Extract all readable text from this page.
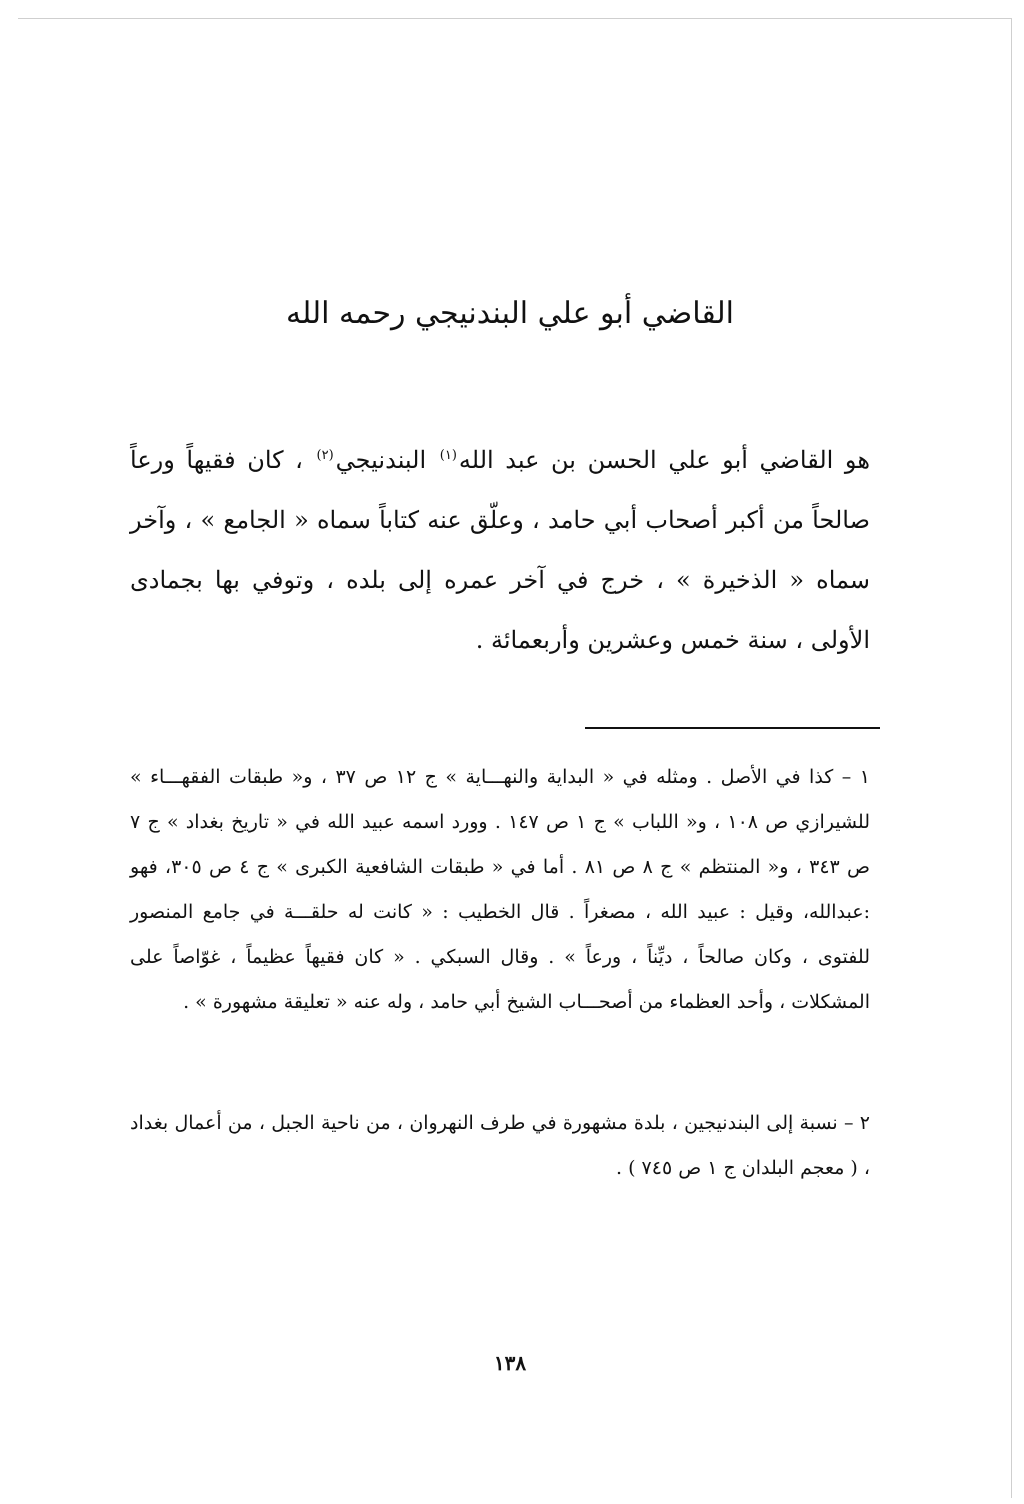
القاضي أبو علي البندنيجي رحمه الله

هو القاضي أبو علي الحسن بن عبد الله$^{(١)}$ البندنيجي$^{(٢)}$ ، كان فقيهاً ورعاً صالحاً من أكبر أصحاب أبي حامد ، وعلّق عنه كتاباً سماه « الجامع » ، وآخر سماه « الذخيرة » ، خرج في آخر عمره إلى بلده ، وتوفي بها بجمادى الأولى ، سنة خمس وعشرين وأربعمائة .

١ – كذا في الأصل . ومثله في « البداية والنهـــاية » ج ١٢ ص ٣٧ ، و« طبقات الفقهـــاء » للشيرازي ص ١٠٨ ، و« اللباب » ج ١ ص ١٤٧ . وورد اسمه عبيد الله في « تاريخ بغداد » ج ٧ ص ٣٤٣ ، و« المنتظم » ج ٨ ص ٨١ . أما في « طبقات الشافعية الكبرى » ج ٤ ص ٣٠٥، فهو :عبدالله، وقيل : عبيد الله ، مصغراً . قال الخطيب : « كانت له حلقـــة في جامع المنصور للفتوى ، وكان صالحاً ، ديِّناً ، ورعاً » . وقال السبكي . « كان فقيهاً عظيماً ، غوّاصاً على المشكلات ، وأحد العظماء من أصحـــاب الشيخ أبي حامد ، وله عنه « تعليقة مشهورة » .
٢ – نسبة إلى البندنيجين ، بلدة مشهورة في طرف النهروان ، من ناحية الجبل ، من أعمال بغداد ، ( معجم البلدان ج ١ ص ٧٤٥ ) .
١٣٨
